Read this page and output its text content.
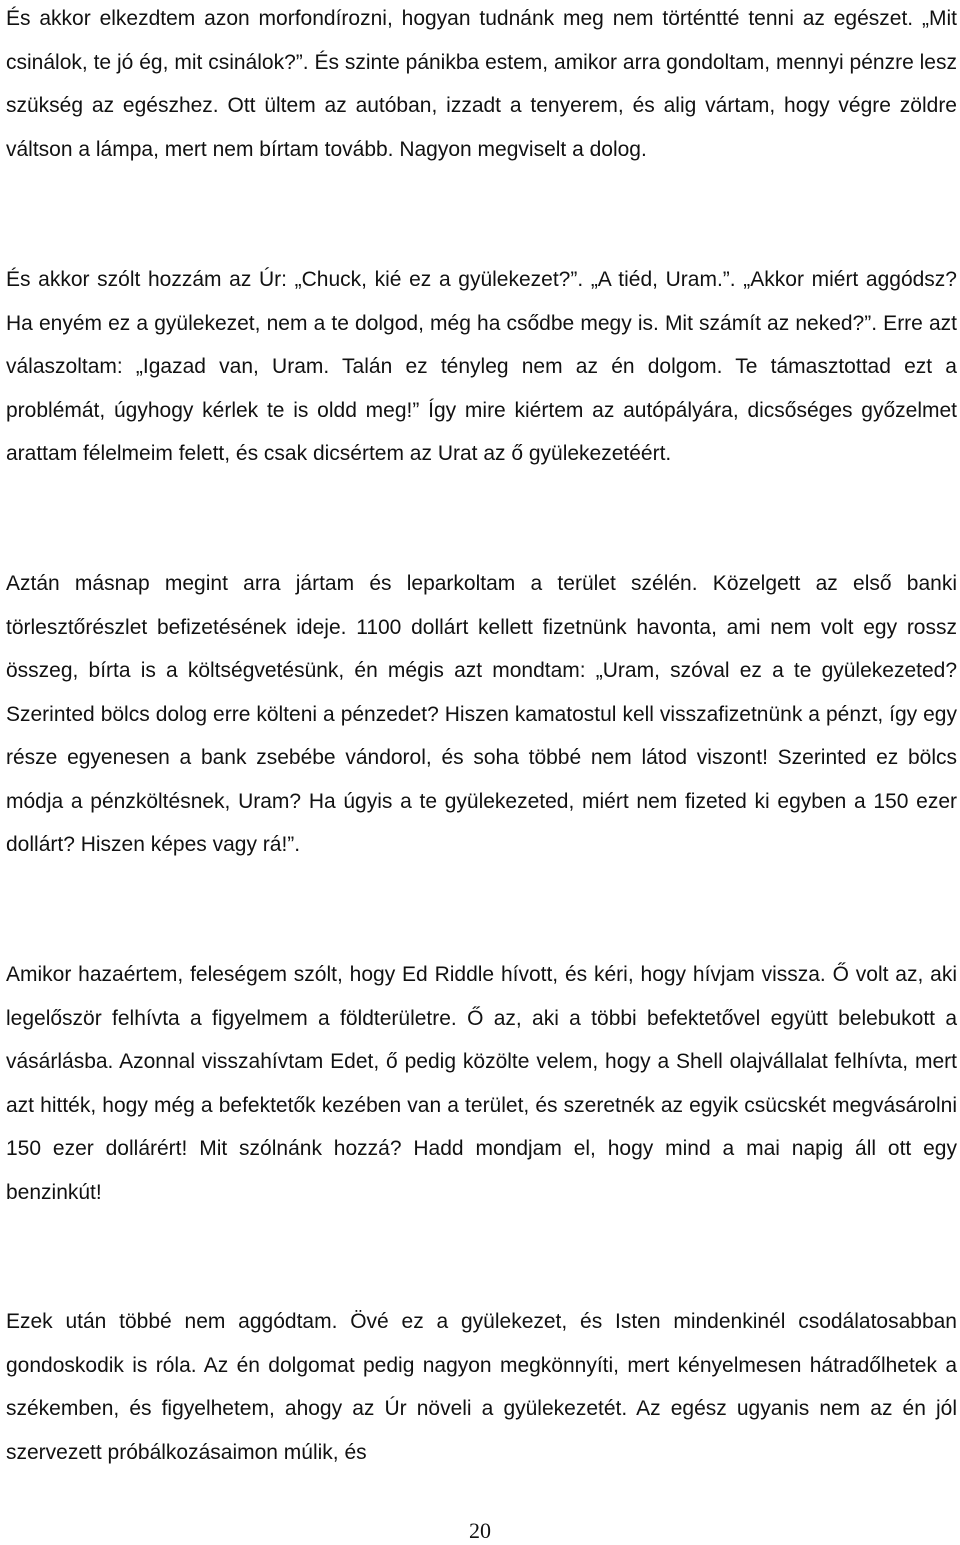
És akkor elkezdtem azon morfondírozni, hogyan tudnánk meg nem történtté tenni az egészet. „Mit csinálok, te jó ég, mit csinálok?”. És szinte pánikba estem, amikor arra gondoltam, mennyi pénzre lesz szükség az egészhez. Ott ültem az autóban, izzadt a tenyerem, és alig vártam, hogy végre zöldre váltson a lámpa, mert nem bírtam tovább. Nagyon megviselt a dolog.

És akkor szólt hozzám az Úr: „Chuck, kié ez a gyülekezet?”. „A tiéd, Uram.”. „Akkor miért aggódsz? Ha enyém ez a gyülekezet, nem a te dolgod, még ha csődbe megy is. Mit számít az neked?”. Erre azt válaszoltam: „Igazad van, Uram. Talán ez tényleg nem az én dolgom. Te támasztottad ezt a problémát, úgyhogy kérlek te is oldd meg!” Így mire kiértem az autópályára, dicsőséges győzelmet arattam félelmeim felett, és csak dicsértem az Urat az ő gyülekezetéért.

Aztán másnap megint arra jártam és leparkoltam a terület szélén. Közelgett az első banki törlesztőrészlet befizetésének ideje. 1100 dollárt kellett fizetnünk havonta, ami nem volt egy rossz összeg, bírta is a költségvetésünk, én mégis azt mondtam: „Uram, szóval ez a te gyülekezeted? Szerinted bölcs dolog erre költeni a pénzedet? Hiszen kamatostul kell visszafizetnünk a pénzt, így egy része egyenesen a bank zsebébe vándorol, és soha többé nem látod viszont! Szerinted ez bölcs módja a pénzköltésnek, Uram? Ha úgyis a te gyülekezeted, miért nem fizeted ki egyben a 150 ezer dollárt? Hiszen képes vagy rá!”.

Amikor hazaértem, feleségem szólt, hogy Ed Riddle hívott, és kéri, hogy hívjam vissza. Ő volt az, aki legelőször felhívta a figyelmem a földterületre. Ő az, aki a többi befektetővel együtt belebukott a vásárlásba. Azonnal visszahívtam Edet, ő pedig közölte velem, hogy a Shell olajvállalat felhívta, mert azt hitték, hogy még a befektetők kezében van a terület, és szeretnék az egyik csücskét megvásárolni 150 ezer dollárért! Mit szólnánk hozzá? Hadd mondjam el, hogy mind a mai napig áll ott egy benzinkút!

Ezek után többé nem aggódtam. Övé ez a gyülekezet, és Isten mindenkinél csodálatosabban gondoskodik is róla. Az én dolgomat pedig nagyon megkönnyíti, mert kényelmesen hátradőlhetek a székemben, és figyelhetem, ahogy az Úr növeli a gyülekezetét. Az egész ugyanis nem az én jól szervezett próbálkozásaimon múlik, és

20
